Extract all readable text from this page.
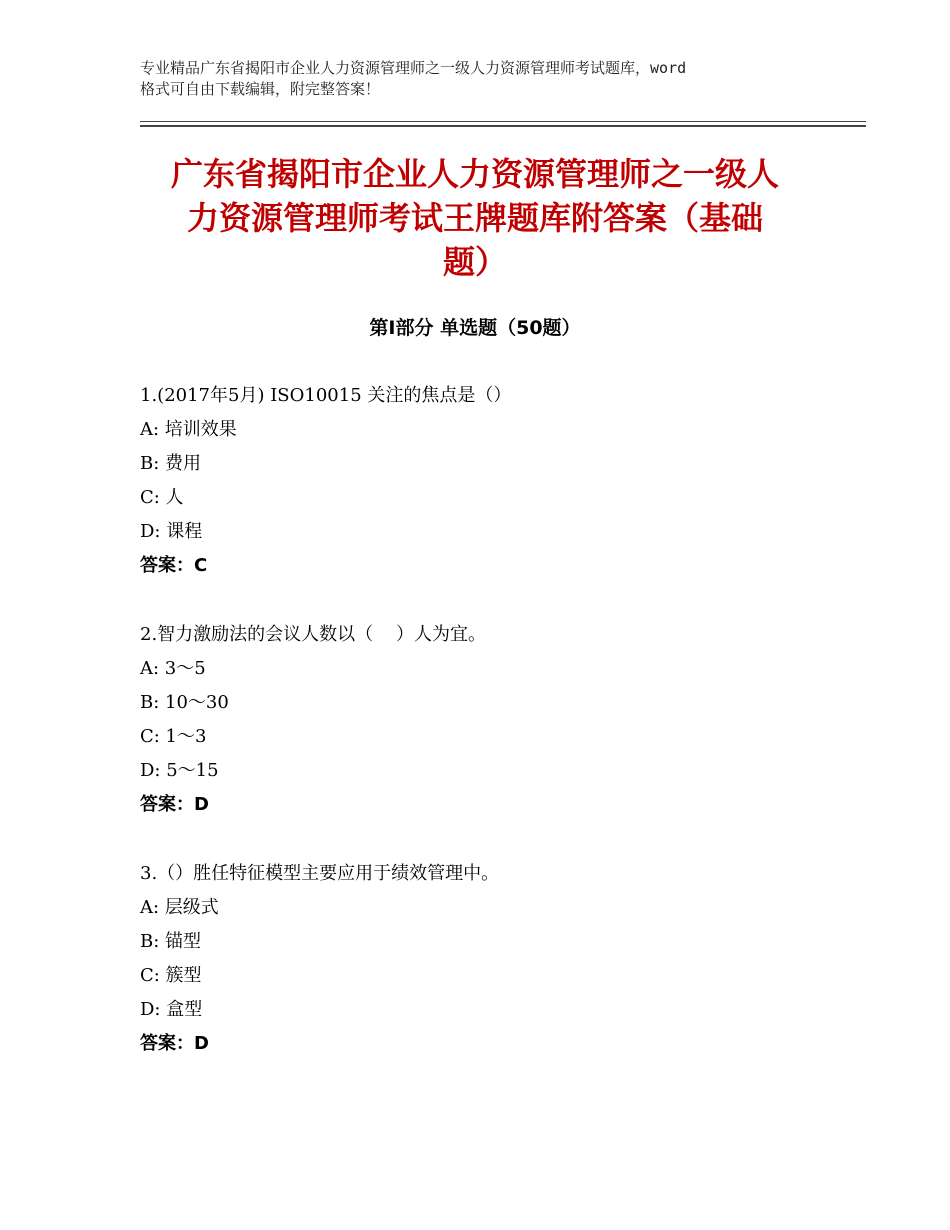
专业精品广东省揭阳市企业人力资源管理师之一级人力资源管理师考试题库，word
格式可自由下载编辑，附完整答案！
广东省揭阳市企业人力资源管理师之一级人
力资源管理师考试王牌题库附答案（基础
题）
第Ⅰ部分 单选题（50题）
1.(2017年5月) ISO10015 关注的焦点是（）
A: 培训效果
B: 费用
C: 人
D: 课程
答案：C
2.智力激励法的会议人数以（    ）人为宜。
A: 3～5
B: 10～30
C: 1～3
D: 5～15
答案：D
3.（）胜任特征模型主要应用于绩效管理中。
A: 层级式
B: 锚型
C: 簇型
D: 盒型
答案：D
